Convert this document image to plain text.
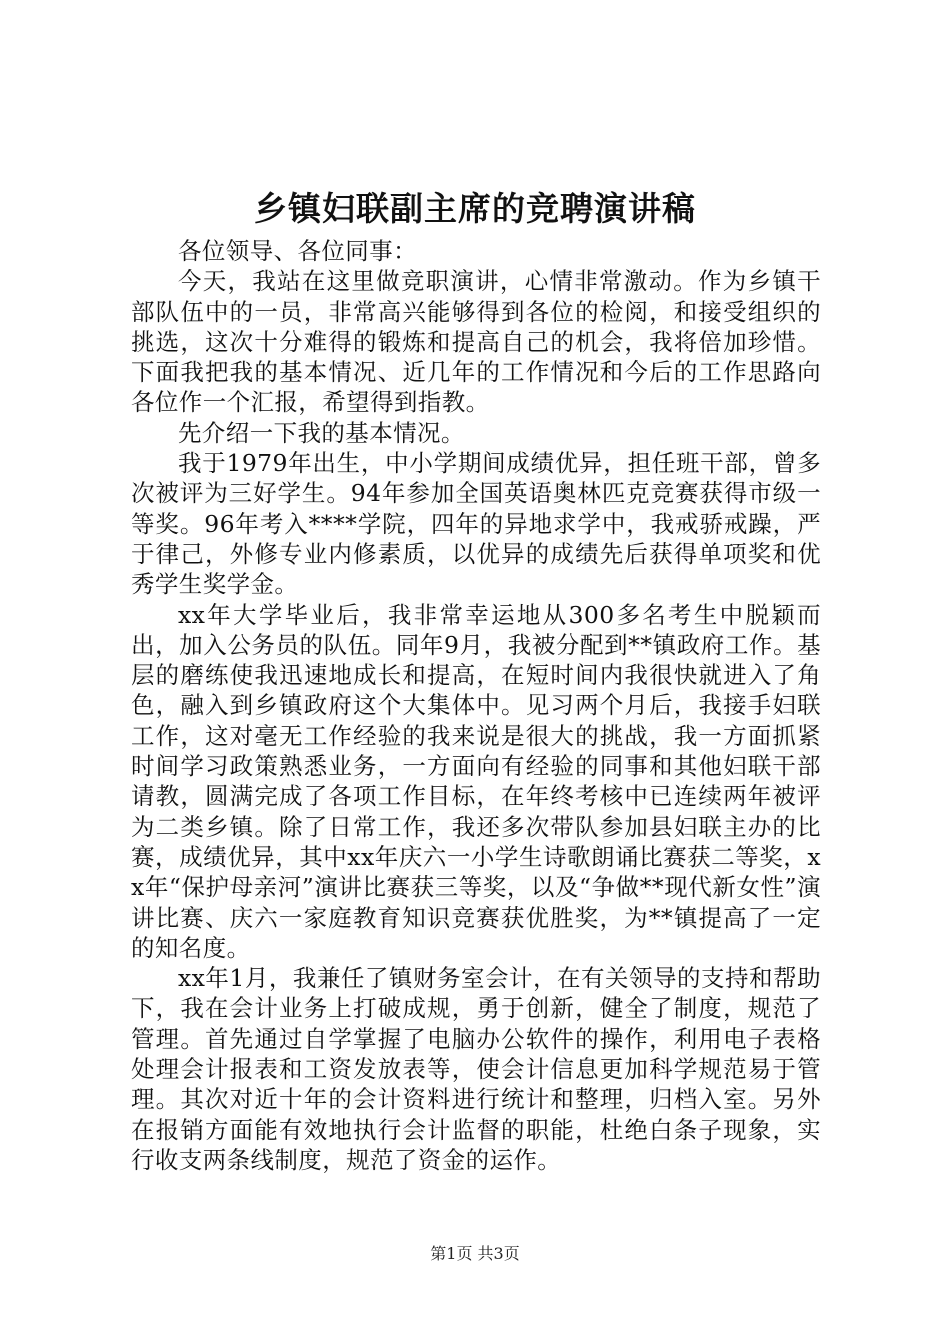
乡镇妇联副主席的竞聘演讲稿

各位领导、各位同事：

今天，我站在这里做竞职演讲，心情非常激动。作为乡镇干部队伍中的一员，非常高兴能够得到各位的检阅，和接受组织的挑选，这次十分难得的锻炼和提高自己的机会，我将倍加珍惜。下面我把我的基本情况、近几年的工作情况和今后的工作思路向各位作一个汇报，希望得到指教。

先介绍一下我的基本情况。

我于1979年出生，中小学期间成绩优异，担任班干部，曾多次被评为三好学生。94年参加全国英语奥林匹克竞赛获得市级一等奖。96年考入****学院，四年的异地求学中，我戒骄戒躁，严于律己，外修专业内修素质，以优异的成绩先后获得单项奖和优秀学生奖学金。

xx年大学毕业后，我非常幸运地从300多名考生中脱颖而出，加入公务员的队伍。同年9月，我被分配到**镇政府工作。基层的磨练使我迅速地成长和提高，在短时间内我很快就进入了角色，融入到乡镇政府这个大集体中。见习两个月后，我接手妇联工作，这对毫无工作经验的我来说是很大的挑战，我一方面抓紧时间学习政策熟悉业务，一方面向有经验的同事和其他妇联干部请教，圆满完成了各项工作目标，在年终考核中已连续两年被评为二类乡镇。除了日常工作，我还多次带队参加县妇联主办的比赛，成绩优异，其中xx年庆六一小学生诗歌朗诵比赛获二等奖，xx年“保护母亲河”演讲比赛获三等奖，以及“争做**现代新女性”演讲比赛、庆六一家庭教育知识竞赛获优胜奖，为**镇提高了一定的知名度。

xx年1月，我兼任了镇财务室会计，在有关领导的支持和帮助下，我在会计业务上打破成规，勇于创新，健全了制度，规范了管理。首先通过自学掌握了电脑办公软件的操作，利用电子表格处理会计报表和工资发放表等，使会计信息更加科学规范易于管理。其次对近十年的会计资料进行统计和整理，归档入室。另外在报销方面能有效地执行会计监督的职能，杜绝白条子现象，实行收支两条线制度，规范了资金的运作。

第1页 共3页
